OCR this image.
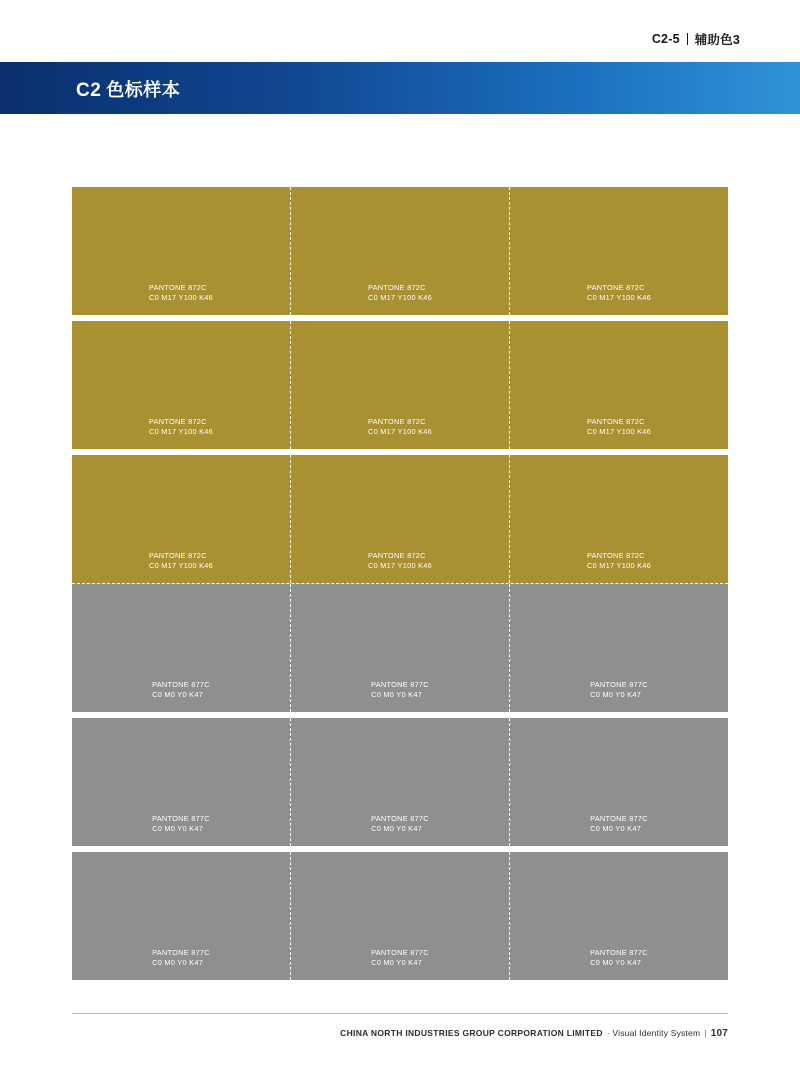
C2-5 辅助色3
C2 色标样本
PANTONE 872C
C0 M17 Y100 K46
PANTONE 872C
C0 M17 Y100 K46
PANTONE 872C
C0 M17 Y100 K46
PANTONE 872C
C0 M17 Y100 K46
PANTONE 872C
C0 M17 Y100 K46
PANTONE 872C
C0 M17 Y100 K46
PANTONE 872C
C0 M17 Y100 K46
PANTONE 872C
C0 M17 Y100 K46
PANTONE 872C
C0 M17 Y100 K46
PANTONE 877C
C0 M0 Y0 K47
PANTONE 877C
C0 M0 Y0 K47
PANTONE 877C
C0 M0 Y0 K47
PANTONE 877C
C0 M0 Y0 K47
PANTONE 877C
C0 M0 Y0 K47
PANTONE 877C
C0 M0 Y0 K47
PANTONE 877C
C0 M0 Y0 K47
PANTONE 877C
C0 M0 Y0 K47
PANTONE 877C
C0 M0 Y0 K47
CHINA NORTH INDUSTRIES GROUP CORPORATION LIMITED · Visual Identity System | 107
